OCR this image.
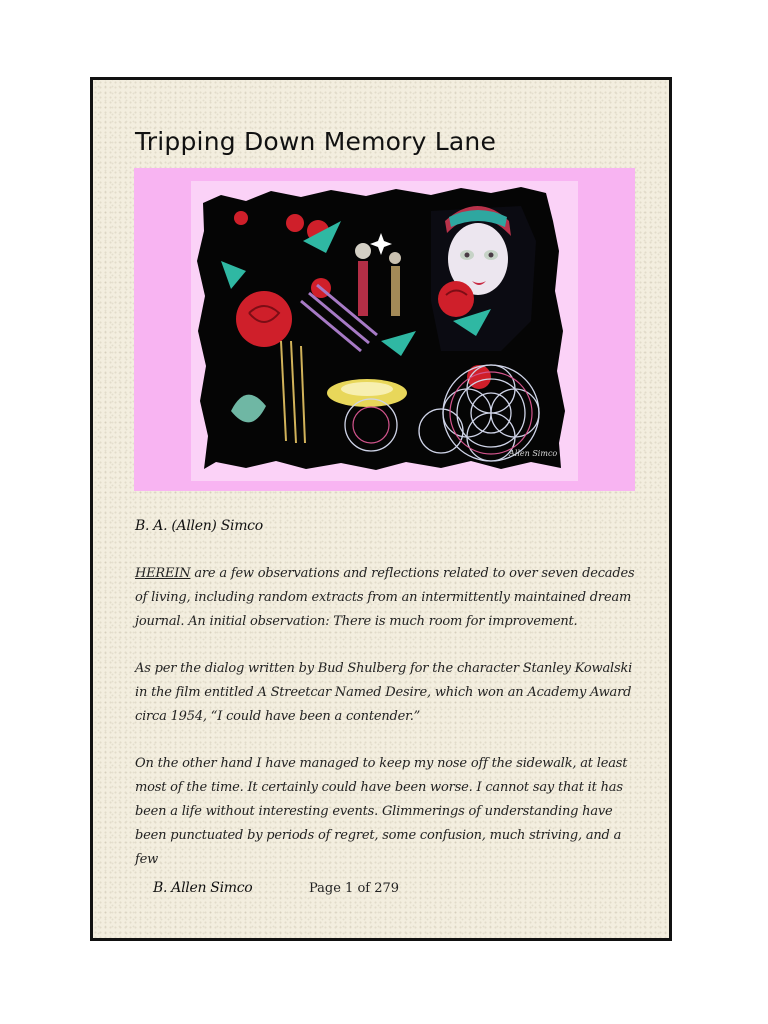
Tripping Down Memory Lane
Allen Simco
B. A. (Allen) Simco
HEREIN are a few observations and reflections related to over seven decades of living, including random extracts from an intermittently maintained dream journal. An initial observation: There is much room for improvement.
As per the dialog written by Bud Shulberg for the character Stanley Kowalski in the film entitled A Streetcar Named Desire, which won an Academy Award circa 1954, “I could have been a contender.”
On the other hand I have managed to keep my nose off the sidewalk, at least most of the time. It certainly could have been worse. I cannot say that it has been a life without interesting events. Glimmerings of understanding have been punctuated by periods of regret, some confusion, much striving, and a few
B. Allen Simco	Page 1 of 279
